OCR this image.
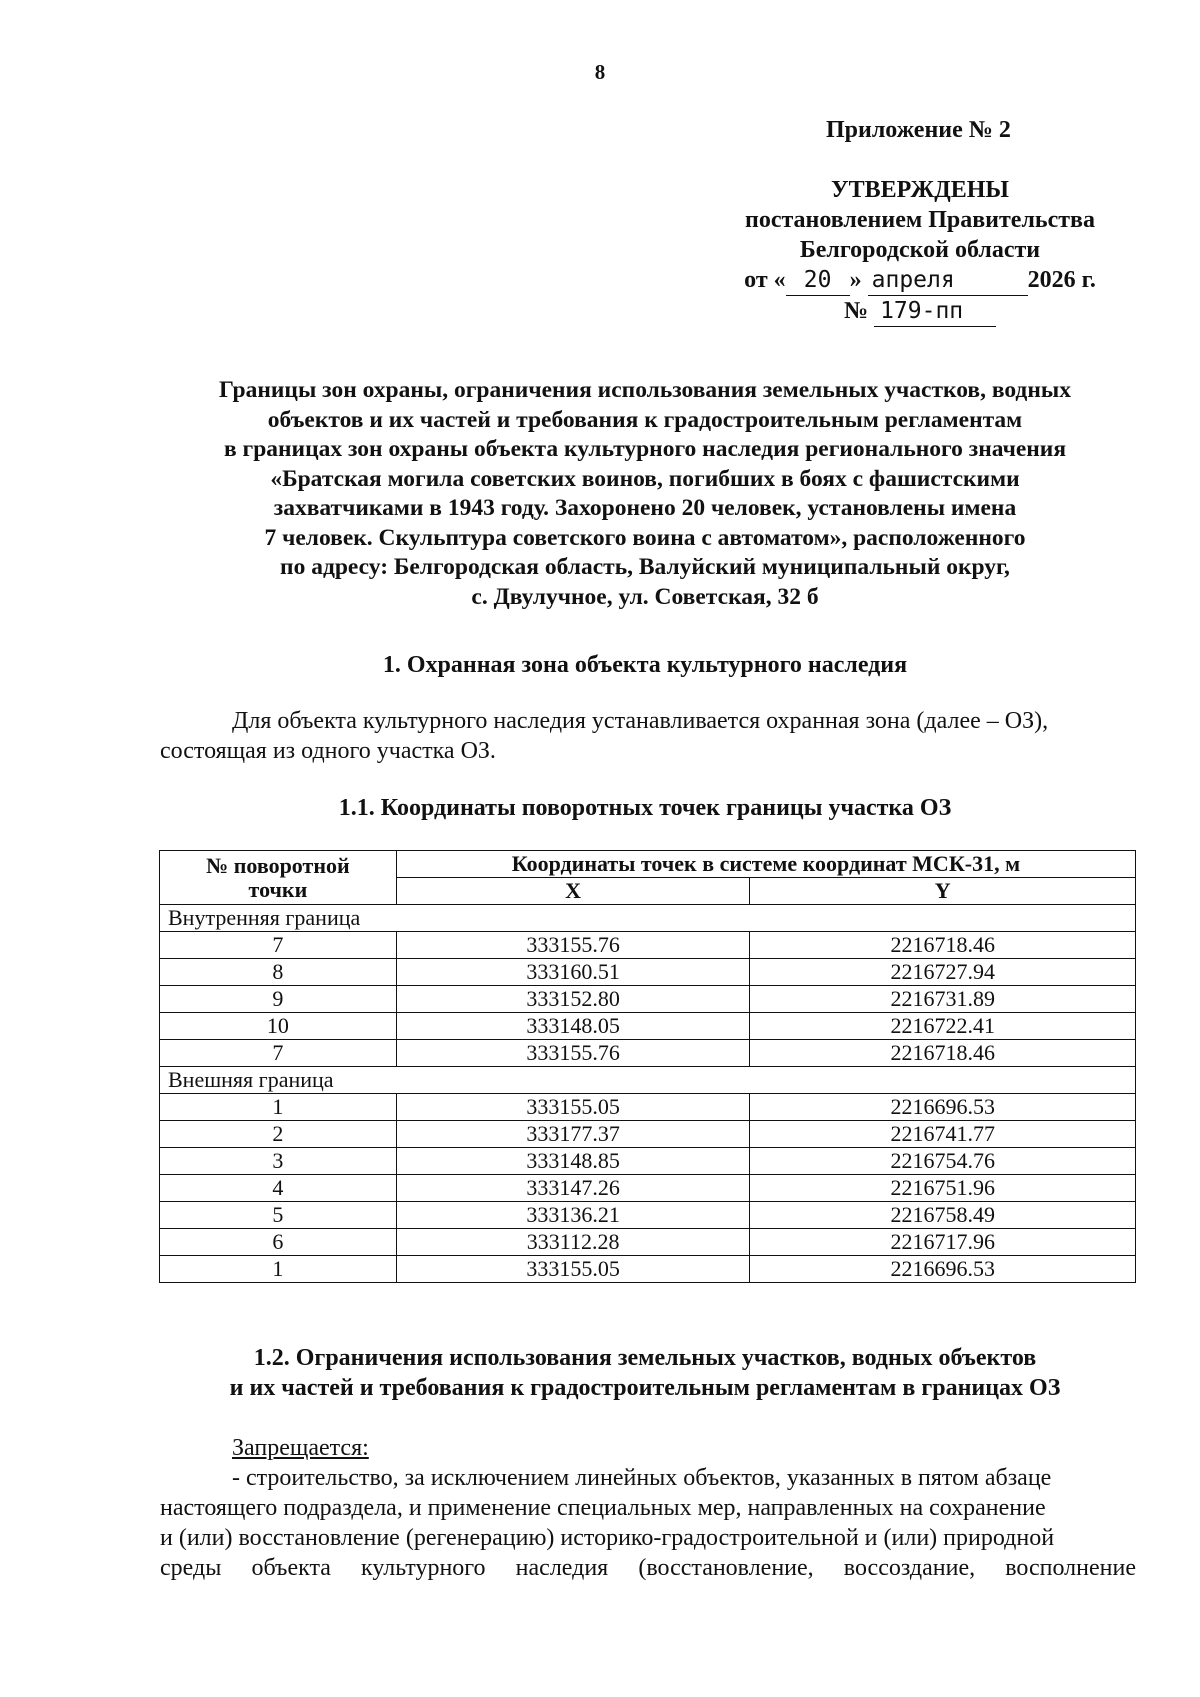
8
Приложение № 2
УТВЕРЖДЕНЫ
постановлением Правительства
Белгородской области
от « 20 » апреля	2026 г.
№ 179-пп
Границы зон охраны, ограничения использования земельных участков, водных
объектов и их частей и требования к градостроительным регламентам
в границах зон охраны объекта культурного наследия регионального значения
«Братская могила советских воинов, погибших в боях с фашистскими
захватчиками в 1943 году. Захоронено 20 человек, установлены имена
7 человек. Скульптура советского воина с автоматом», расположенного
по адресу: Белгородская область, Валуйский муниципальный округ,
с. Двулучное, ул. Советская, 32 б
1. Охранная зона объекта культурного наследия
Для объекта культурного наследия устанавливается охранная зона (далее – ОЗ),
состоящая из одного участка ОЗ.
1.1. Координаты поворотных точек границы участка ОЗ
№ поворотной
точки	Координаты точек в системе координат МСК-31, м	
	X	Y
Внутренняя граница		
7	333155.76	2216718.46
8	333160.51	2216727.94
9	333152.80	2216731.89
10	333148.05	2216722.41
7	333155.76	2216718.46
Внешняя граница		
1	333155.05	2216696.53
2	333177.37	2216741.77
3	333148.85	2216754.76
4	333147.26	2216751.96
5	333136.21	2216758.49
6	333112.28	2216717.96
1	333155.05	2216696.53
1.2. Ограничения использования земельных участков, водных объектов
и их частей и требования к градостроительным регламентам в границах ОЗ
Запрещается:
- строительство, за исключением линейных объектов, указанных в пятом абзаце
настоящего подраздела, и применение специальных мер, направленных на сохранение
и (или) восстановление (регенерацию) историко-градостроительной и (или) природной
среды объекта культурного наследия (восстановление, воссоздание, восполнение
